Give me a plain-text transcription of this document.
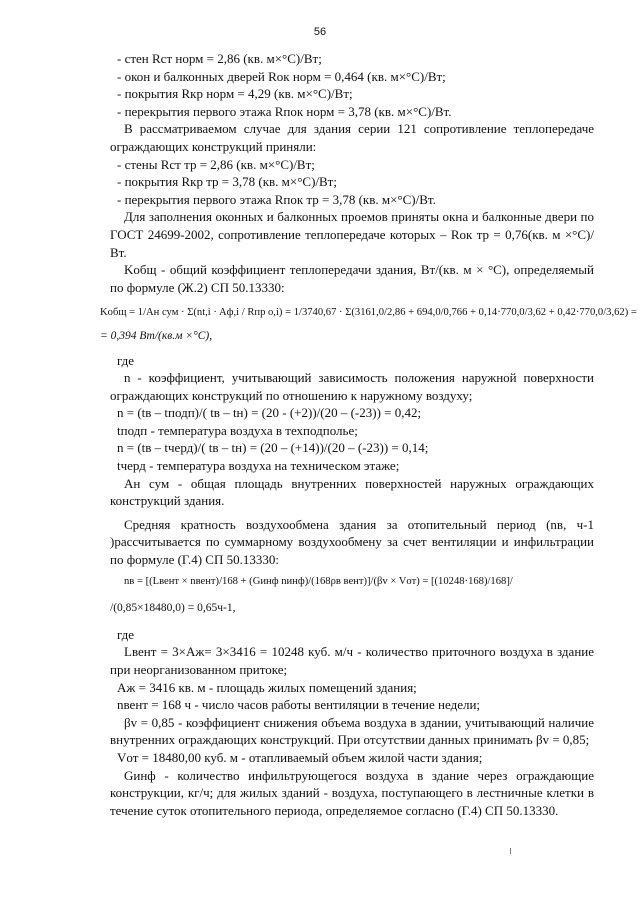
56
- стен Rст норм = 2,86 (кв. м×°С)/Вт;
- окон и балконных дверей Rок норм = 0,464 (кв. м×°С)/Вт;
- покрытия Rкр норм = 4,29 (кв. м×°С)/Вт;
- перекрытия первого этажа Rпок норм = 3,78 (кв. м×°С)/Вт.
В рассматриваемом случае для здания серии 121 сопротивление теплопередаче ограждающих конструкций приняли:
- стены Rст тр = 2,86 (кв. м×°С)/Вт;
- покрытия Rкр тр = 3,78 (кв. м×°С)/Вт;
- перекрытия первого этажа Rпок тр = 3,78 (кв. м×°С)/Вт.
Для заполнения оконных и балконных проемов приняты окна и балконные двери по ГОСТ 24699-2002, сопротивление теплопередаче которых – Rок тр = 0,76(кв. м ×°С)/Вт.
Kобщ - общий коэффициент теплопередачи здания, Вт/(кв. м × °С), определяемый по формуле (Ж.2) СП 50.13330:
Kобщ = 1/Aн сум · Σ(nt,i · Aф,i / Rпр о,i) = 1/3740,67 · Σ(3161,0/2,86 + 694,0/0,766 + 0,14·770,0/3,62 + 0,42·770,0/3,62) =
= 0,394 Вт/(кв.м ×°С),
где
n - коэффициент, учитывающий зависимость положения наружной поверхности ограждающих конструкций по отношению к наружному воздуху;
n = (tв – tподп)/( tв – tн) = (20 - (+2))/(20 – (-23)) = 0,42;
tподп - температура воздуха в техподполье;
n = (tв – tчерд)/( tв – tн) = (20 – (+14))/(20 – (-23)) = 0,14;
tчерд - температура воздуха на техническом этаже;
Aн сум - общая площадь внутренних поверхностей наружных ограждающих конструкций здания.
Средняя кратность воздухообмена здания за отопительный период (nв, ч-1 )рассчитывается по суммарному воздухообмену за счет вентиляции и инфильтрации по формуле (Г.4) СП 50.13330:
nв = [(Lвент × nвент)/168 + (Gинф nинф)/(168ρв вент)]/(βv × Vот) = [(10248·168)/168]/
/(0,85×18480,0) = 0,65ч-1,
где
Lвент = 3×Aж= 3×3416 = 10248 куб. м/ч - количество приточного воздуха в здание при неорганизованном притоке;
Aж = 3416 кв. м - площадь жилых помещений здания;
nвент = 168 ч - число часов работы вентиляции в течение недели;
βv = 0,85 - коэффициент снижения объема воздуха в здании, учитывающий наличие внутренних ограждающих конструкций. При отсутствии данных принимать βv = 0,85;
Vот = 18480,00 куб. м - отапливаемый объем жилой части здания;
Gинф - количество инфильтрующегося воздуха в здание через ограждающие конструкции, кг/ч; для жилых зданий - воздуха, поступающего в лестничные клетки в течение суток отопительного периода, определяемое согласно (Г.4) СП 50.13330.
